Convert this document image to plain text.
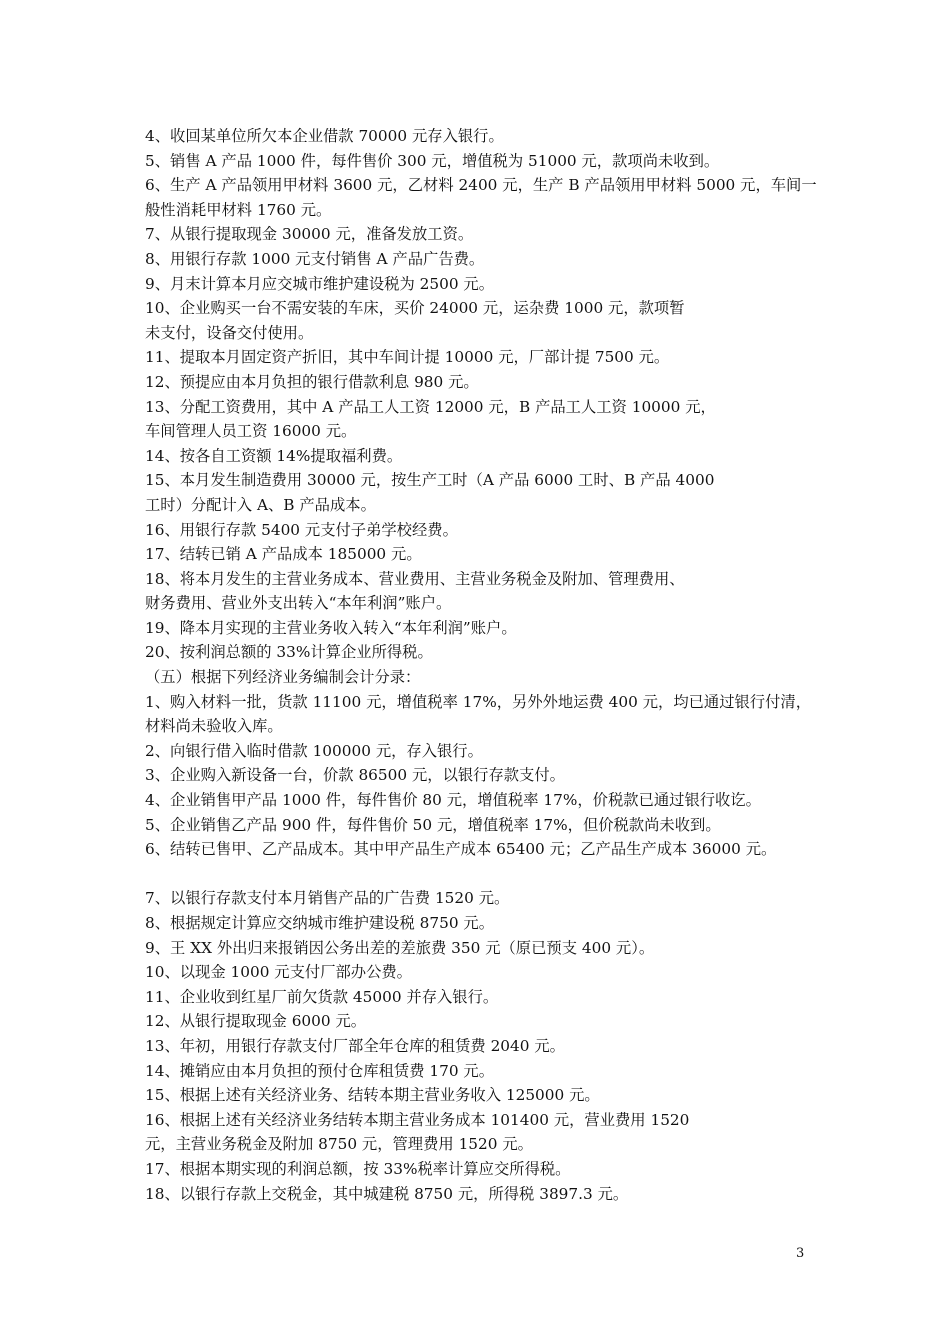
4、收回某单位所欠本企业借款 70000 元存入银行。
5、销售 A 产品 1000 件，每件售价 300 元，增值税为 51000 元，款项尚未收到。
6、生产 A 产品领用甲材料 3600 元，乙材料 2400 元，生产 B 产品领用甲材料 5000 元，车间一
般性消耗甲材料 1760 元。
7、从银行提取现金 30000 元，准备发放工资。
8、用银行存款 1000 元支付销售 A 产品广告费。
9、月末计算本月应交城市维护建设税为 2500 元。
10、企业购买一台不需安装的车床，买价 24000 元，运杂费 1000 元，款项暂
未支付，设备交付使用。
11、提取本月固定资产折旧，其中车间计提 10000 元，厂部计提 7500 元。
12、预提应由本月负担的银行借款利息 980 元。
13、分配工资费用，其中 A 产品工人工资 12000 元，B 产品工人工资 10000 元，
车间管理人员工资 16000 元。
14、按各自工资额 14%提取福利费。
15、本月发生制造费用 30000 元，按生产工时（A 产品 6000 工时、B 产品 4000
工时）分配计入 A、B 产品成本。
16、用银行存款 5400 元支付子弟学校经费。
17、结转已销 A 产品成本 185000 元。
18、将本月发生的主营业务成本、营业费用、主营业务税金及附加、管理费用、
财务费用、营业外支出转入“本年利润”账户。
19、降本月实现的主营业务收入转入“本年利润”账户。
20、按利润总额的 33%计算企业所得税。
（五）根据下列经济业务编制会计分录：
1、购入材料一批，货款 11100 元，增值税率 17%，另外外地运费 400 元，均已通过银行付清，
材料尚未验收入库。
2、向银行借入临时借款 100000 元，存入银行。
3、企业购入新设备一台，价款 86500 元，以银行存款支付。
4、企业销售甲产品 1000 件，每件售价 80 元，增值税率 17%，价税款已通过银行收讫。
5、企业销售乙产品 900 件，每件售价 50 元，增值税率 17%，但价税款尚未收到。
6、结转已售甲、乙产品成本。其中甲产品生产成本 65400 元；乙产品生产成本 36000 元。
7、以银行存款支付本月销售产品的广告费 1520 元。
8、根据规定计算应交纳城市维护建设税 8750 元。
9、王 XX 外出归来报销因公务出差的差旅费 350 元（原已预支 400 元）。
10、以现金 1000 元支付厂部办公费。
11、企业收到红星厂前欠货款 45000 并存入银行。
12、从银行提取现金 6000 元。
13、年初，用银行存款支付厂部全年仓库的租赁费 2040 元。
14、摊销应由本月负担的预付仓库租赁费 170 元。
15、根据上述有关经济业务、结转本期主营业务收入 125000 元。
16、根据上述有关经济业务结转本期主营业务成本 101400 元，营业费用 1520
元，主营业务税金及附加 8750 元，管理费用 1520 元。
17、根据本期实现的利润总额，按 33%税率计算应交所得税。
18、以银行存款上交税金，其中城建税 8750 元，所得税 3897.3 元。
3
